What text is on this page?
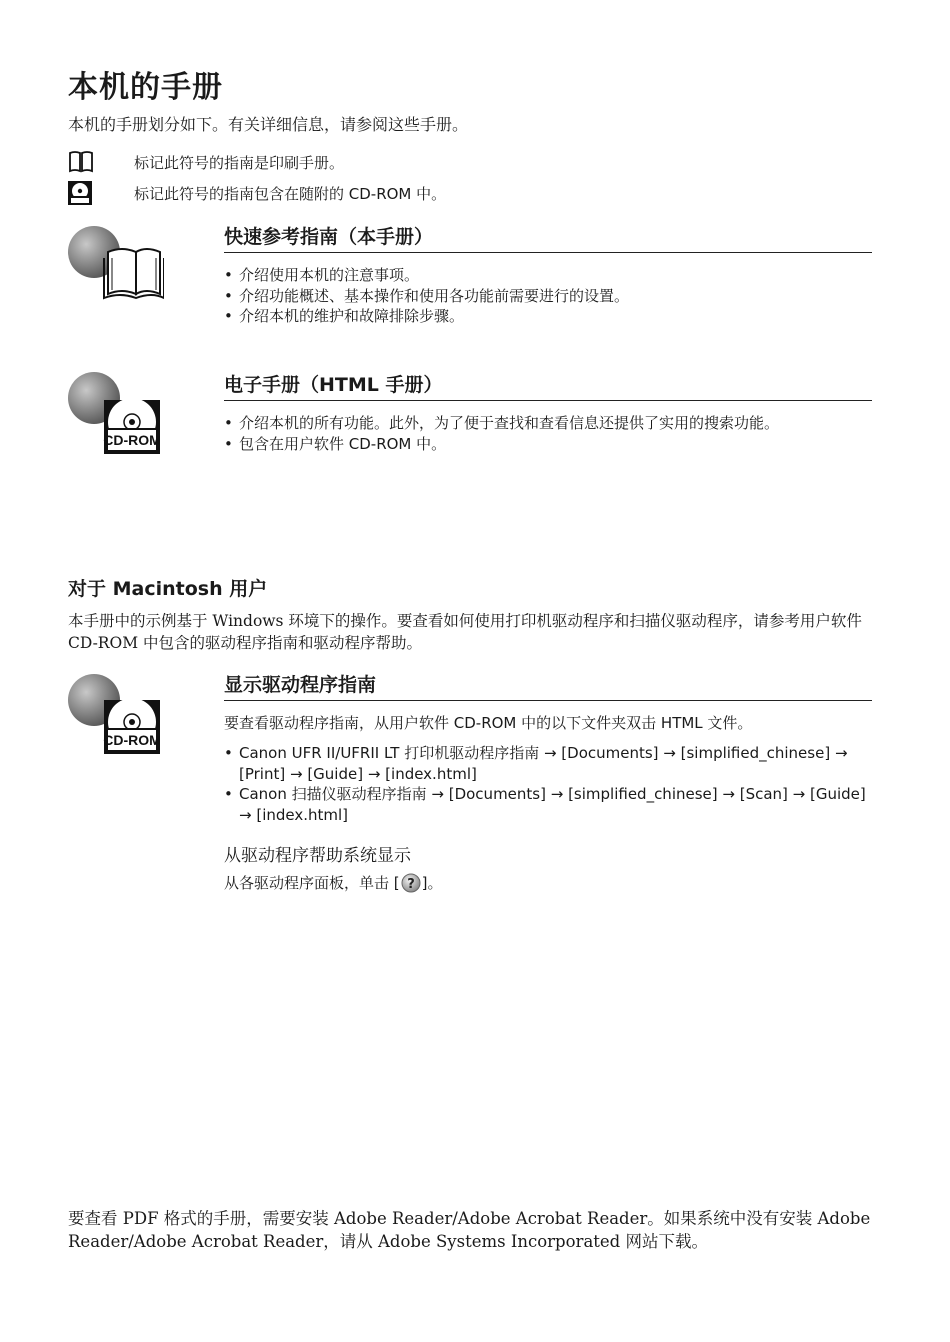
本机的手册
本机的手册划分如下。有关详细信息，请参阅这些手册。
标记此符号的指南是印刷手册。
标记此符号的指南包含在随附的 CD-ROM 中。
快速参考指南（本手册）
• 介绍使用本机的注意事项。
• 介绍功能概述、基本操作和使用各功能前需要进行的设置。
• 介绍本机的维护和故障排除步骤。
CD-ROM
电子手册（HTML 手册）
• 介绍本机的所有功能。此外，为了便于查找和查看信息还提供了实用的搜索功能。
• 包含在用户软件 CD-ROM 中。
对于 Macintosh 用户
本手册中的示例基于 Windows 环境下的操作。要查看如何使用打印机驱动程序和扫描仪驱动程序，请参考用户软件 CD-ROM 中包含的驱动程序指南和驱动程序帮助。
CD-ROM
显示驱动程序指南
要查看驱动程序指南，从用户软件 CD-ROM 中的以下文件夹双击 HTML 文件。
• Canon UFR II/UFRII LT 打印机驱动程序指南 → [Documents] → [simplified_chinese] → [Print] → [Guide] → [index.html]
• Canon 扫描仪驱动程序指南 → [Documents] → [simplified_chinese] → [Scan] → [Guide] → [index.html]
从驱动程序帮助系统显示
从各驱动程序面板，单击 [ ? ]。
要查看 PDF 格式的手册，需要安装 Adobe Reader/Adobe Acrobat Reader。如果系统中没有安装 Adobe Reader/Adobe Acrobat Reader，请从 Adobe Systems Incorporated 网站下载。
